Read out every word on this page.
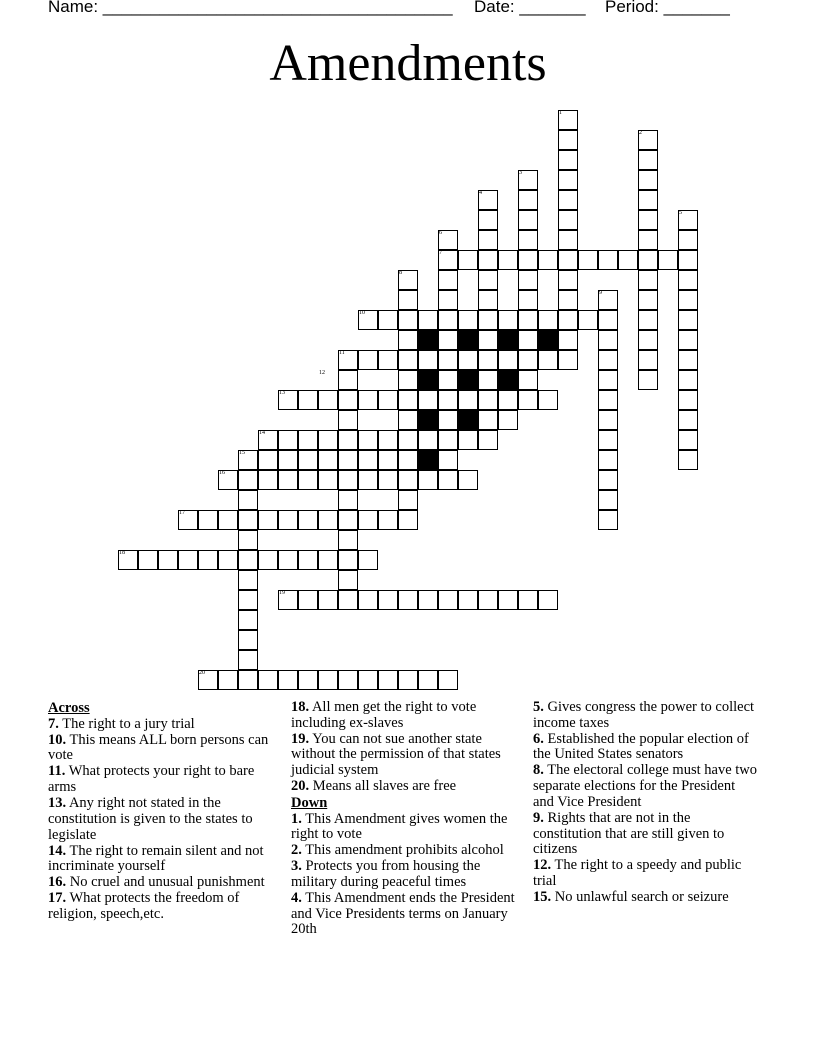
Name: _____________________________________ Date: _______ Period: _______
Amendments
1
2
3
4
5
6
7
8
9
10
11
12
13
14
15
16
17
18
19
20
Across
7. The right to a jury trial
10. This means ALL born persons can vote
11. What protects your right to bare arms
13. Any right not stated in the constitution is given to the states to legislate
14. The right to remain silent and not incriminate yourself
16. No cruel and unusual punishment
17. What protects the freedom of religion, speech,etc.
18. All men get the right to vote including ex-slaves
19. You can not sue another state without the permission of that states judicial system
20. Means all slaves are free
Down
1. This Amendment gives women the right to vote
2. This amendment prohibits alcohol
3. Protects you from housing the military during peaceful times
4. This Amendment ends the President and Vice Presidents terms on January 20th
5. Gives congress the power to collect income taxes
6. Established the popular election of the United States senators
8. The electoral college must have two separate elections for the President and Vice President
9. Rights that are not in the constitution that are still given to citizens
12. The right to a speedy and public trial
15. No unlawful search or seizure
